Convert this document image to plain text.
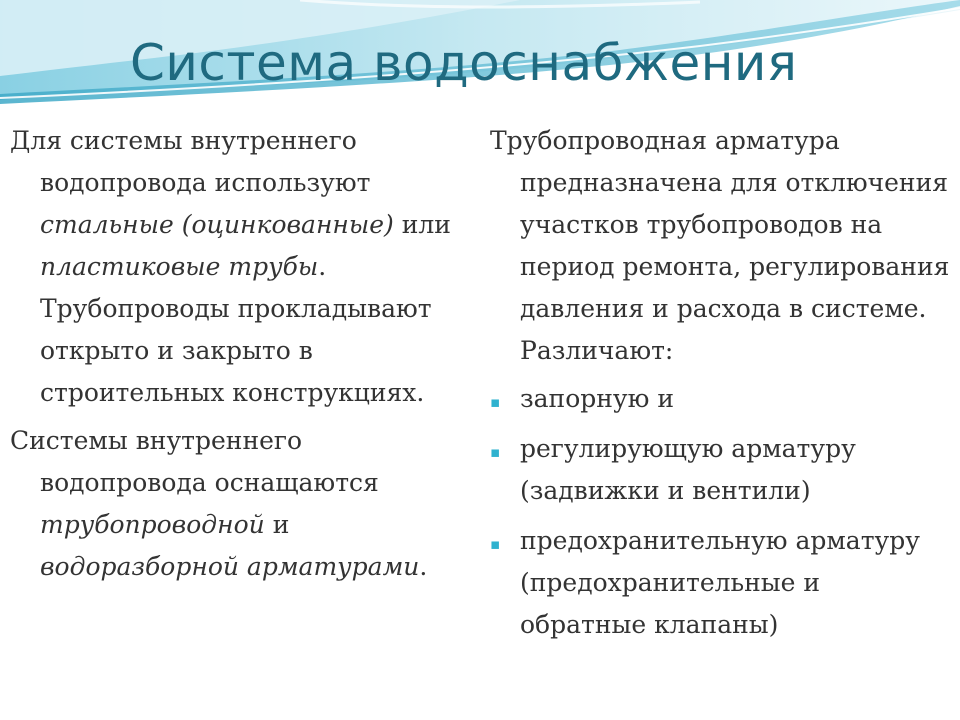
Система водоснабжения
Для системы внутреннего водопровода используют стальные (оцинкованные) или пластиковые трубы. Трубопроводы прокладывают открыто и закрыто в строительных конструкциях.
Системы внутреннего водопровода оснащаются трубопроводной и водоразборной арматурами.
Трубопроводная арматура предназначена для отключения участков трубопроводов на период ремонта, регулирования давления и расхода в системе. Различают:
▪ запорную и
▪ регулирующую арматуру (задвижки и вентили)
▪ предохранительную арматуру (предохранительные и обратные клапаны)
